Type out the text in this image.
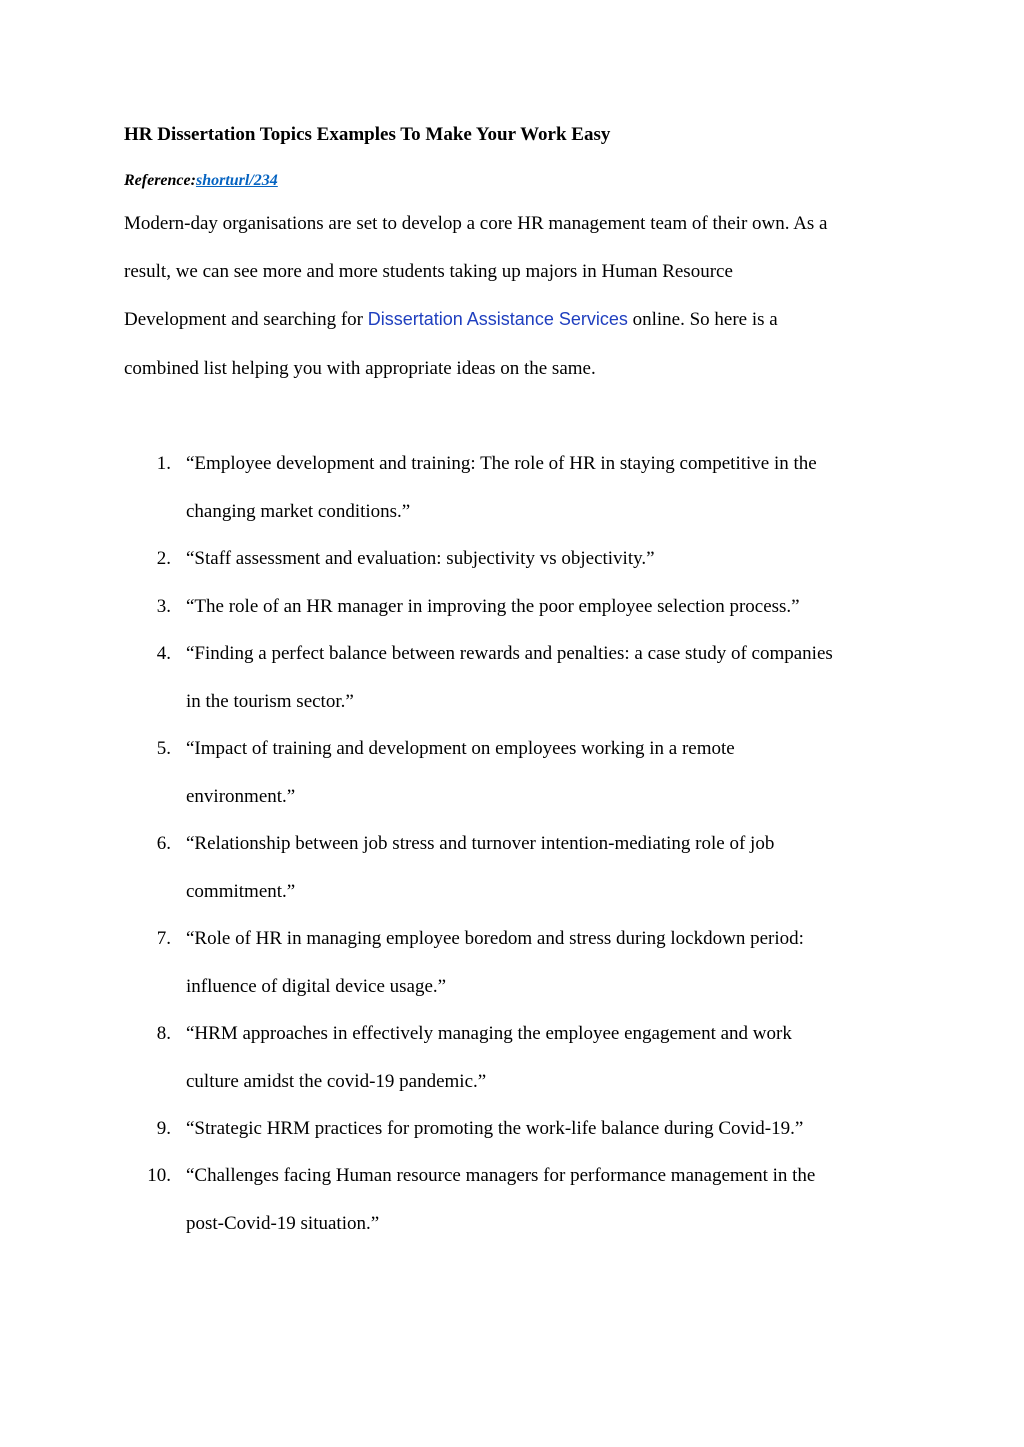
HR Dissertation Topics Examples To Make Your Work Easy
Reference:shorturl/234
Modern-day organisations are set to develop a core HR management team of their own. As a
result, we can see more and more students taking up majors in Human Resource
Development and searching for Dissertation Assistance Services online. So here is a
combined list helping you with appropriate ideas on the same.
1. “Employee development and training: The role of HR in staying competitive in the
changing market conditions.”
2. “Staff assessment and evaluation: subjectivity vs objectivity.”
3. “The role of an HR manager in improving the poor employee selection process.”
4. “Finding a perfect balance between rewards and penalties: a case study of companies
in the tourism sector.”
5. “Impact of training and development on employees working in a remote
environment.”
6. “Relationship between job stress and turnover intention-mediating role of job
commitment.”
7. “Role of HR in managing employee boredom and stress during lockdown period:
influence of digital device usage.”
8. “HRM approaches in effectively managing the employee engagement and work
culture amidst the covid-19 pandemic.”
9. “Strategic HRM practices for promoting the work-life balance during Covid-19.”
10. “Challenges facing Human resource managers for performance management in the
post-Covid-19 situation.”
